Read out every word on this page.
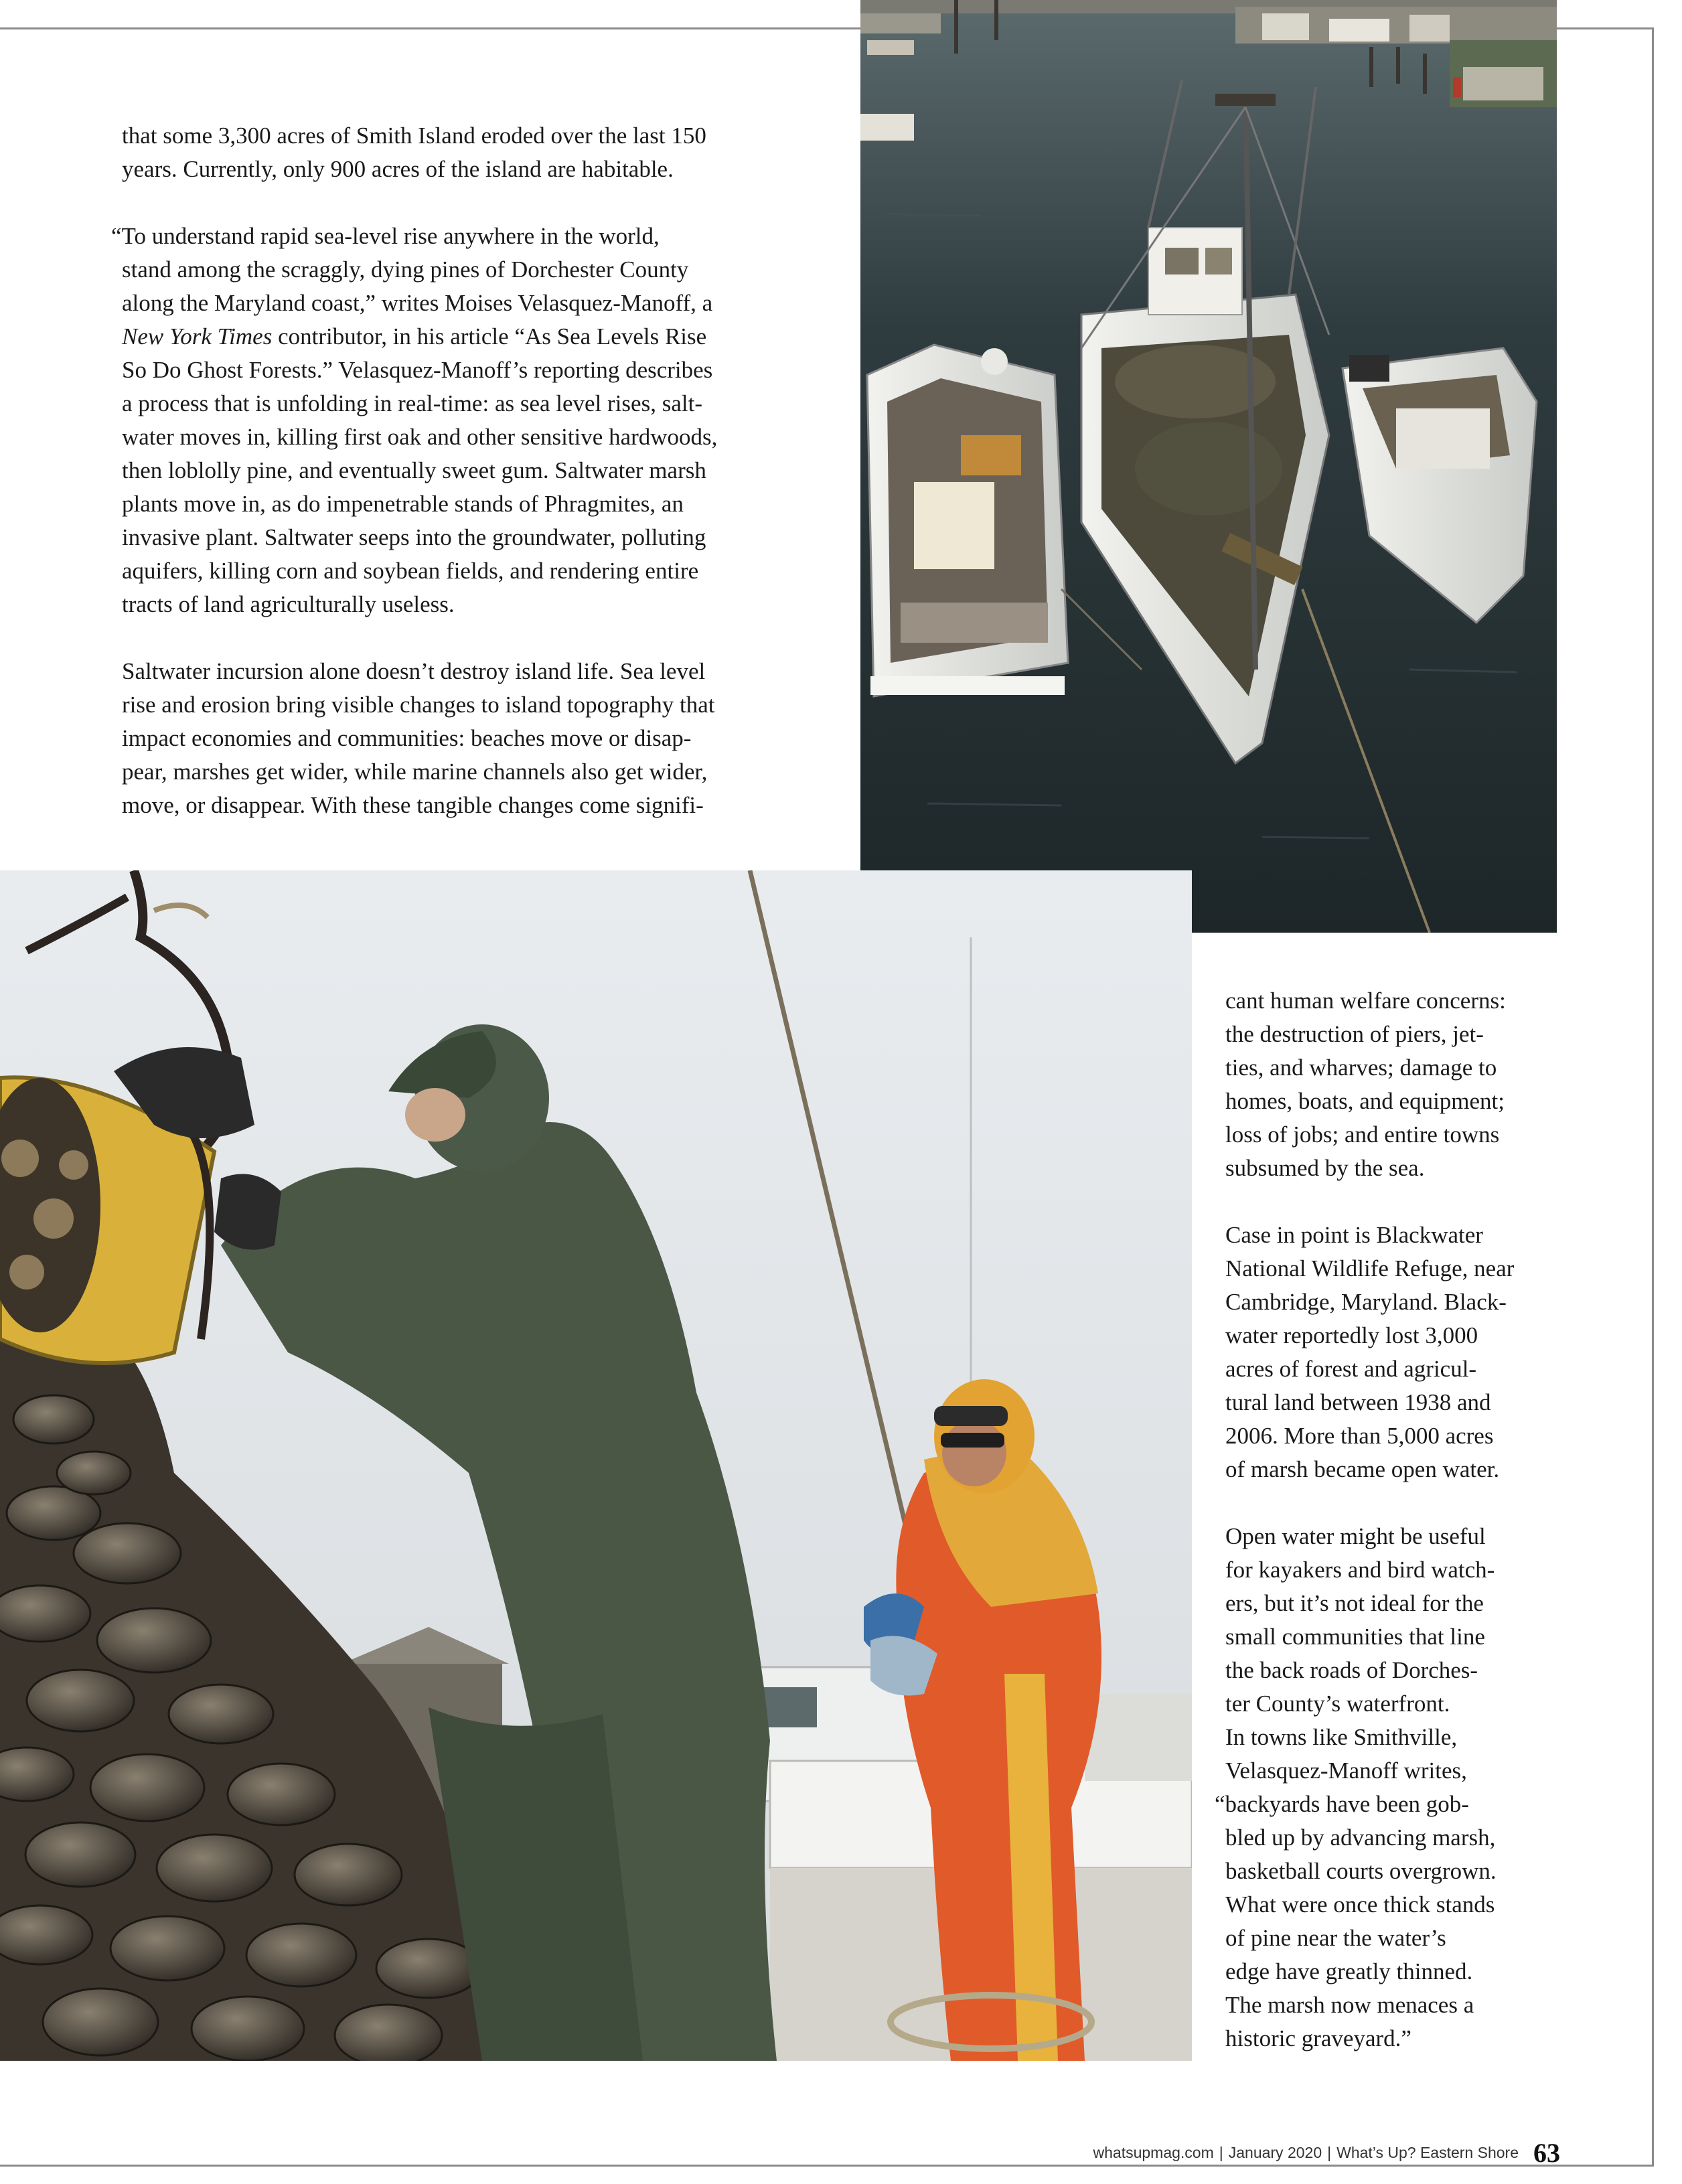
that some 3,300 acres of Smith Island eroded over the last 150
years. Currently, only 900 acres of the island are habitable.

“To understand rapid sea-level rise anywhere in the world,
stand among the scraggly, dying pines of Dorchester County
along the Maryland coast,” writes Moises Velasquez-Manoff, a
New York Times contributor, in his article “As Sea Levels Rise
So Do Ghost Forests.” Velasquez-Manoff’s reporting describes
a process that is unfolding in real-time: as sea level rises, salt-
water moves in, killing first oak and other sensitive hardwoods,
then loblolly pine, and eventually sweet gum. Saltwater marsh
plants move in, as do impenetrable stands of Phragmites, an
invasive plant. Saltwater seeps into the groundwater, polluting
aquifers, killing corn and soybean fields, and rendering entire
tracts of land agriculturally useless.

Saltwater incursion alone doesn’t destroy island life. Sea level
rise and erosion bring visible changes to island topography that
impact economies and communities: beaches move or disap-
pear, marshes get wider, while marine channels also get wider,
move, or disappear. With these tangible changes come signifi-

cant human welfare concerns:
the destruction of piers, jet-
ties, and wharves; damage to
homes, boats, and equipment;
loss of jobs; and entire towns
subsumed by the sea.

Case in point is Blackwater
National Wildlife Refuge, near
Cambridge, Maryland. Black-
water reportedly lost 3,000
acres of forest and agricul-
tural land between 1938 and
2006. More than 5,000 acres
of marsh became open water.

Open water might be useful
for kayakers and bird watch-
ers, but it’s not ideal for the
small communities that line
the back roads of Dorches-
ter County’s waterfront.
In towns like Smithville,
Velasquez-Manoff writes,
“backyards have been gob-
bled up by advancing marsh,
basketball courts overgrown.
What were once thick stands
of pine near the water’s
edge have greatly thinned.
The marsh now menaces a
historic graveyard.”

whatsupmag.com | January 2020 | What’s Up? Eastern Shore 63
